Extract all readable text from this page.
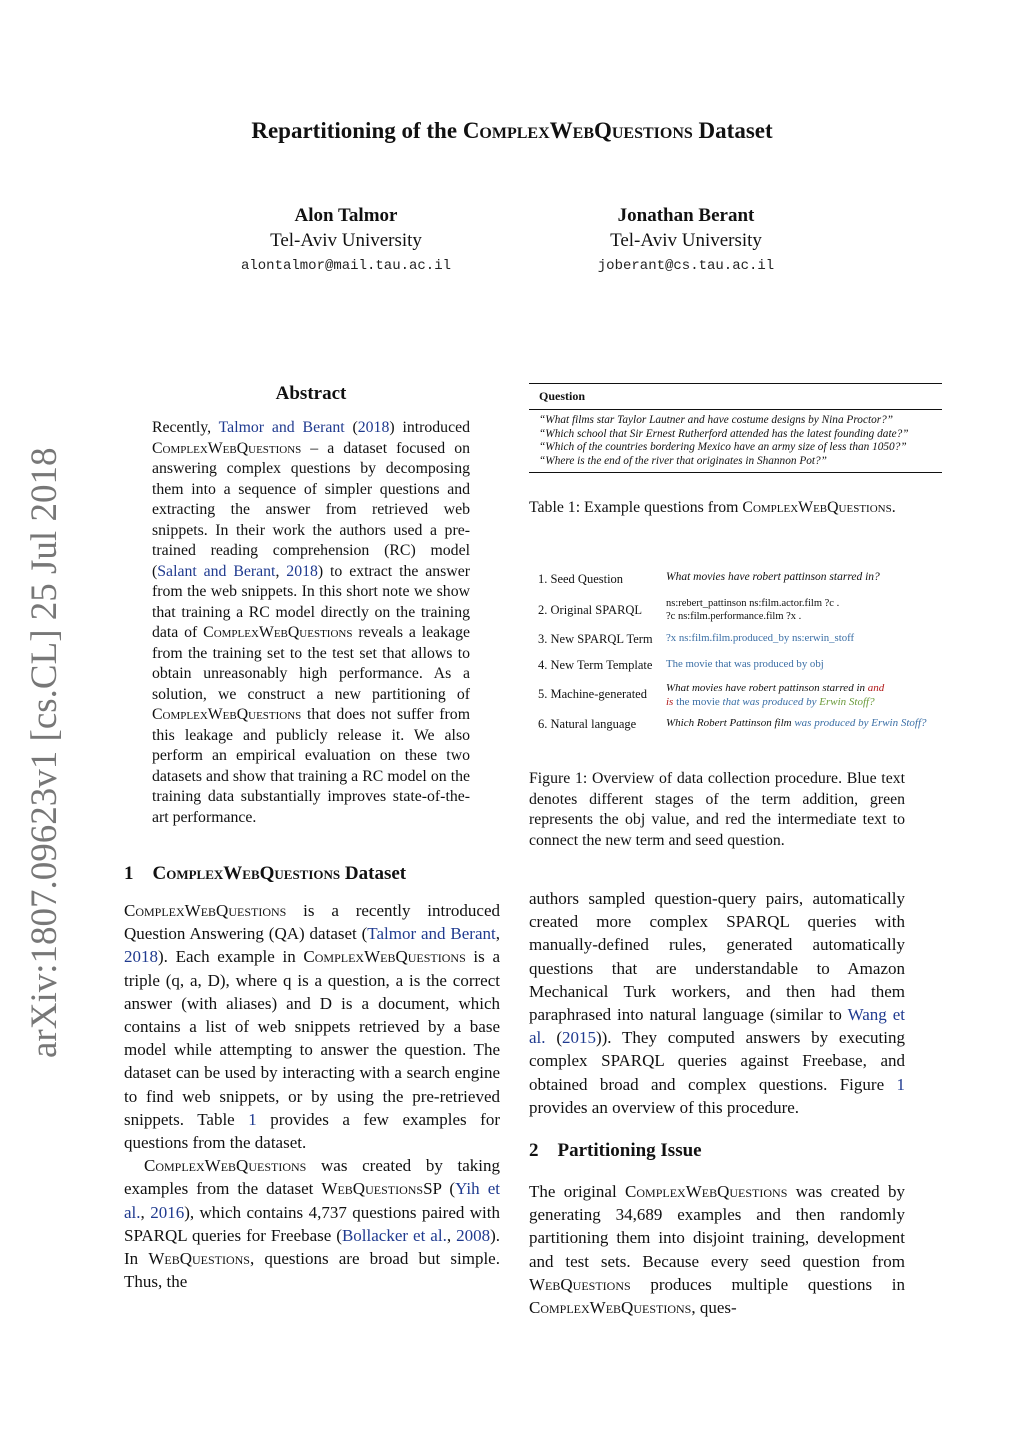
Repartitioning of the ComplexWebQuestions Dataset
Alon Talmor
Tel-Aviv University
alontalmor@mail.tau.ac.il
Jonathan Berant
Tel-Aviv University
joberant@cs.tau.ac.il
arXiv:1807.09623v1 [cs.CL] 25 Jul 2018
Abstract

Recently, Talmor and Berant (2018) introduced ComplexWebQuestions – a dataset focused on answering complex questions by decomposing them into a sequence of simpler questions and extracting the answer from retrieved web snippets. In their work the authors used a pre-trained reading comprehension (RC) model (Salant and Berant, 2018) to extract the answer from the web snippets. In this short note we show that training a RC model directly on the training data of ComplexWebQuestions reveals a leakage from the training set to the test set that allows to obtain unreasonably high performance. As a solution, we construct a new partitioning of ComplexWebQuestions that does not suffer from this leakage and publicly release it. We also perform an empirical evaluation on these two datasets and show that training a RC model on the training data substantially improves state-of-the-art performance.

1 ComplexWebQuestions Dataset

ComplexWebQuestions is a recently introduced Question Answering (QA) dataset (Talmor and Berant, 2018). Each example in ComplexWebQuestions is a triple (q, a, D), where q is a question, a is the correct answer (with aliases) and D is a document, which contains a list of web snippets retrieved by a base model while attempting to answer the question. The dataset can be used by interacting with a search engine to find web snippets, or by using the pre-retrieved snippets. Table 1 provides a few examples for questions from the dataset.

ComplexWebQuestions was created by taking examples from the dataset WebQuestionsSP (Yih et al., 2016), which contains 4,737 questions paired with SPARQL queries for Freebase (Bollacker et al., 2008). In WebQuestions, questions are broad but simple. Thus, the

Question
“What films star Taylor Lautner and have costume designs by Nina Proctor?”
“Which school that Sir Ernest Rutherford attended has the latest founding date?”
“Which of the countries bordering Mexico have an army size of less than 1050?”
“Where is the end of the river that originates in Shannon Pot?”

Table 1: Example questions from ComplexWebQuestions.

1. Seed Question	What movies have robert pattinson starred in?
2. Original SPARQL ns:rebert_pattinson ns:film.actor.film ?c .
?c ns:film.performance.film ?x .
3. New SPARQL Term ?x ns:film.film.produced_by ns:erwin_stoff
4. New Term Template The movie that was produced by obj
5. Machine-generated What movies have robert pattinson starred in and
is the movie that was produced by Erwin Stoff?
6. Natural language	Which Robert Pattinson film was produced by Erwin Stoff?

Figure 1: Overview of data collection procedure. Blue text denotes different stages of the term addition, green represents the obj value, and red the intermediate text to connect the new term and seed question.

authors sampled question-query pairs, automatically created more complex SPARQL queries with manually-defined rules, generated automatically questions that are understandable to Amazon Mechanical Turk workers, and then had them paraphrased into natural language (similar to Wang et al. (2015)). They computed answers by executing complex SPARQL queries against Freebase, and obtained broad and complex questions. Figure 1 provides an overview of this procedure.

2 Partitioning Issue

The original ComplexWebQuestions was created by generating 34,689 examples and then randomly partitioning them into disjoint training, development and test sets. Because every seed question from WebQuestions produces multiple questions in ComplexWebQuestions, ques-
